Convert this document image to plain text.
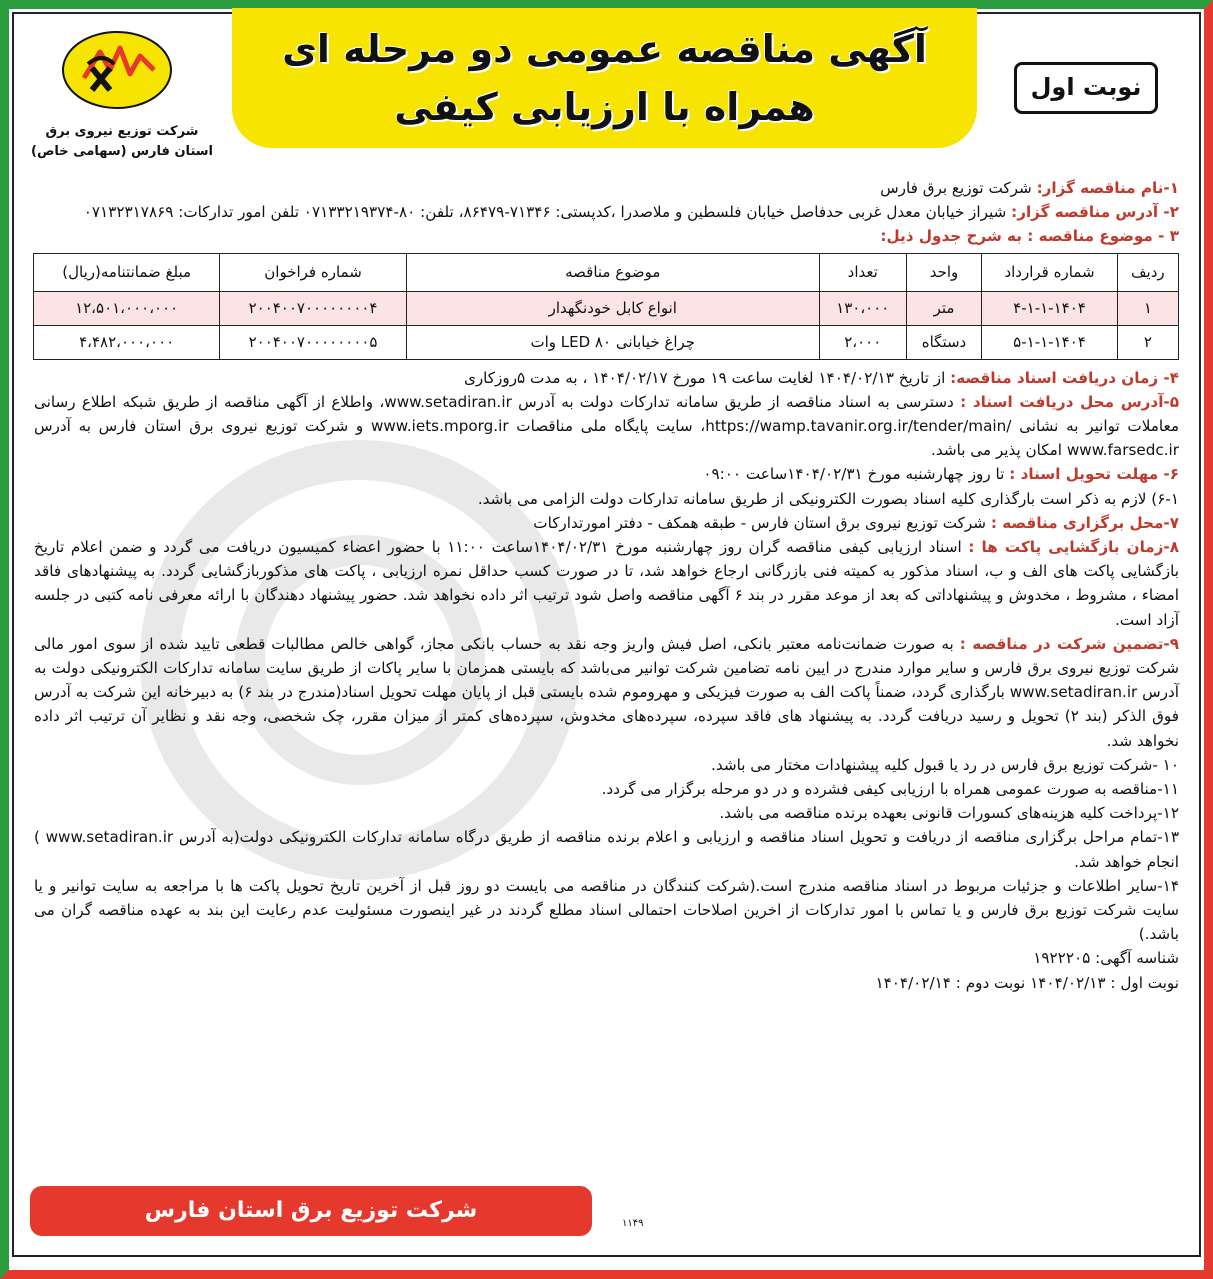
شرکت توزیع نیروی برق
استان فارس (سهامی خاص)
آگهی مناقصه عمومی دو مرحله ای همراه با ارزیابی کیفی	نوبت اول

۱-نام مناقصه گزار: شرکت توزیع برق فارس

۲- آدرس مناقصه گزار: شیراز خیابان معدل غربی حدفاصل خیابان فلسطین و ملاصدرا ،کدپستی: ۷۱۳۴۶-۸۶۴۷۹، تلفن: ۸۰-۰۷۱۳۳۲۱۹۳۷۴ تلفن امور تدارکات: ۰۷۱۳۲۳۱۷۸۶۹

۳ - موضوع مناقصه : به شرح جدول ذیل:

ردیف	شماره قرارداد	واحد	تعداد	موضوع مناقصه	شماره فراخوان	مبلغ ضمانتنامه(ریال)
۱	۴-۱-۱-۱۴۰۴	متر	۱۳۰،۰۰۰	انواع کابل خودنگهدار	۲۰۰۴۰۰۷۰۰۰۰۰۰۰۰۴	۱۲،۵۰۱،۰۰۰،۰۰۰
۲	۵-۱-۱-۱۴۰۴	دستگاه	۲،۰۰۰	چراغ خیابانی LED ۸۰ وات	۲۰۰۴۰۰۷۰۰۰۰۰۰۰۰۵	۴،۴۸۲،۰۰۰،۰۰۰

۴- زمان دریافت اسناد مناقصه: از تاریخ ۱۴۰۴/۰۲/۱۳ لغایت ساعت ۱۹ مورخ ۱۴۰۴/۰۲/۱۷ ، به مدت ۵روزکاری

۵-آدرس محل دریافت اسناد : دسترسی به اسناد مناقصه از طریق سامانه تدارکات دولت به آدرس www.setadiran.ir، واطلاع از آگهی مناقصه از طریق شبکه اطلاع رسانی معاملات توانیر به نشانی /https://wamp.tavanir.org.ir/tender/main، سایت پایگاه ملی مناقصات www.iets.mporg.ir و شرکت توزیع نیروی برق استان فارس به آدرس www.farsedc.ir امکان پذیر می باشد.

۶- مهلت تحویل اسناد : تا روز چهارشنبه مورخ ۱۴۰۴/۰۲/۳۱ساعت ۰۹:۰۰

۶-۱) لازم به ذکر است بارگذاری کلیه اسناد بصورت الکترونیکی از طریق سامانه تدارکات دولت الزامی می باشد.

۷-محل برگزاری مناقصه : شرکت توزیع نیروی برق استان فارس - طبقه همکف - دفتر امورتدارکات

۸-زمان بازگشایی پاکت ها : اسناد ارزیابی کیفی مناقصه گران روز چهارشنبه مورخ ۱۴۰۴/۰۲/۳۱ساعت ۱۱:۰۰ با حضور اعضاء کمیسیون دریافت می گردد و ضمن اعلام تاریخ بازگشایی پاکت های الف و ب، اسناد مذکور به کمیته فنی بازرگانی ارجاع خواهد شد، تا در صورت کسب حداقل نمره ارزیابی ، پاکت های مذکوربازگشایی گردد. به پیشنهادهای فاقد امضاء ، مشروط ، مخدوش و پیشنهاداتی که بعد از موعد مقرر در بند ۶ آگهی مناقصه واصل شود ترتیب اثر داده نخواهد شد. حضور پیشنهاد دهندگان با ارائه معرفی نامه کتبی در جلسه آزاد است.

۹-تضمین شرکت در مناقصه : به صورت ضمانت‌نامه معتبر بانکی، اصل فیش واریز وجه نقد به حساب بانکی مجاز، گواهی خالص مطالبات قطعی تایید شده از سوی امور مالی شرکت توزیع نیروی برق فارس و سایر موارد مندرج در ایین نامه تضامین شرکت توانیر می‌باشد که بایستی همزمان با سایر پاکات از طریق سایت سامانه تدارکات الکترونیکی دولت به آدرس www.setadiran.ir بارگذاری گردد، ضمناً پاکت الف به صورت فیزیکی و مهروموم شده بایستی قبل از پایان مهلت تحویل اسناد(مندرج در بند ۶) به دبیرخانه این شرکت به آدرس فوق الذکر (بند ۲) تحویل و رسید دریافت گردد. به پیشنهاد های فاقد سپرده، سپرده‌های مخدوش، سپرده‌های کمتر از میزان مقرر، چک شخصی، وجه نقد و نظایر آن ترتیب اثر داده نخواهد شد.

۱۰ -شرکت توزیع برق فارس در رد یا قبول کلیه پیشنهادات مختار می باشد.

۱۱-مناقصه به صورت عمومی همراه با ارزیابی کیفی فشرده و در دو مرحله برگزار می گردد.

۱۲-پرداخت کلیه هزینه‌های کسورات قانونی بعهده برنده مناقصه می باشد.

۱۳-تمام مراحل برگزاری مناقصه از دریافت و تحویل اسناد مناقصه و ارزیابی و اعلام برنده مناقصه از طریق درگاه سامانه تدارکات الکترونیکی دولت(به آدرس www.setadiran.ir ) انجام خواهد شد.

۱۴-سایر اطلاعات و جزئیات مربوط در اسناد مناقصه مندرج است.(شرکت کنندگان در مناقصه می بایست دو روز قبل از آخرین تاریخ تحویل پاکت ها با مراجعه به سایت توانیر و یا سایت شرکت توزیع برق فارس و یا تماس با امور تدارکات از اخرین اصلاحات احتمالی اسناد مطلع گردند در غیر اینصورت مسئولیت عدم رعایت این بند به عهده مناقصه گران می باشد.)

شناسه آگهی: ۱۹۲۲۲۰۵

نوبت اول : ۱۴۰۴/۰۲/۱۳ نوبت دوم : ۱۴۰۴/۰۲/۱۴

شرکت توزیع برق استان فارس
۱۱۴۹
